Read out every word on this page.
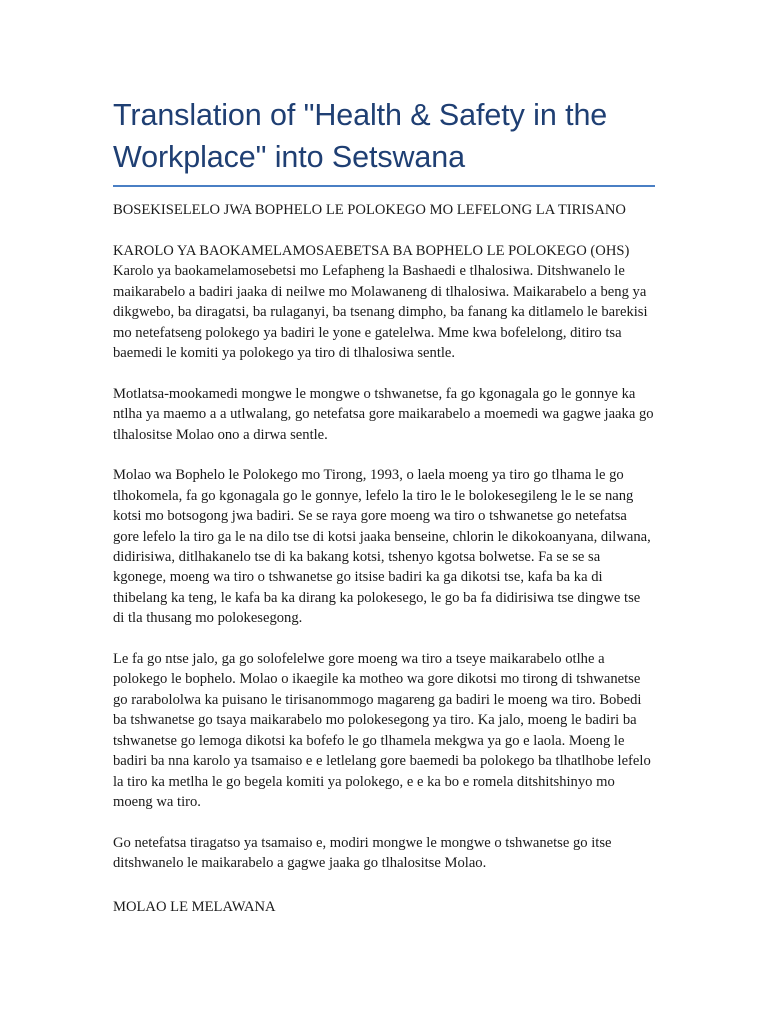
Translation of "Health & Safety in the Workplace" into Setswana
BOSEKISELELO JWA BOPHELO LE POLOKEGO MO LEFELONG LA TIRISANO

KAROLO YA BAOKAMELAMOSAEBETSA BA BOPHELO LE POLOKEGO (OHS)
Karolo ya baokamelamosebetsi mo Lefapheng la Bashaedi e tlhalosiwa. Ditshwanelo le maikarabelo a badiri jaaka di neilwe mo Molawaneng di tlhalosiwa. Maikarabelo a beng ya dikgwebo, ba diragatsi, ba rulaganyi, ba tsenang dimpho, ba fanang ka ditlamelo le barekisi mo netefatseng polokego ya badiri le yone e gatelelwa. Mme kwa bofelelong, ditiro tsa baemedi le komiti ya polokego ya tiro di tlhalosiwa sentle.

Motlatsa-mookamedi mongwe le mongwe o tshwanetse, fa go kgonagala go le gonnye ka ntlha ya maemo a a utlwalang, go netefatsa gore maikarabelo a moemedi wa gagwe jaaka go tlhalositse Molao ono a dirwa sentle.

Molao wa Bophelo le Polokego mo Tirong, 1993, o laela moeng ya tiro go tlhama le go tlhokomela, fa go kgonagala go le gonnye, lefelo la tiro le le bolokesegileng le le se nang kotsi mo botsogong jwa badiri. Se se raya gore moeng wa tiro o tshwanetse go netefatsa gore lefelo la tiro ga le na dilo tse di kotsi jaaka benseine, chlorin le dikokoanyana, dilwana, didirisiwa, ditlhakanelo tse di ka bakang kotsi, tshenyo kgotsa bolwetse. Fa se se sa kgonege, moeng wa tiro o tshwanetse go itsise badiri ka ga dikotsi tse, kafa ba ka di thibelang ka teng, le kafa ba ka dirang ka polokesego, le go ba fa didirisiwa tse dingwe tse di tla thusang mo polokesegong.

Le fa go ntse jalo, ga go solofelelwe gore moeng wa tiro a tseye maikarabelo otlhe a polokego le bophelo. Molao o ikaegile ka motheo wa gore dikotsi mo tirong di tshwanetse go rarabololwa ka puisano le tirisanommogo magareng ga badiri le moeng wa tiro. Bobedi ba tshwanetse go tsaya maikarabelo mo polokesegong ya tiro. Ka jalo, moeng le badiri ba tshwanetse go lemoga dikotsi ka bofefo le go tlhamela mekgwa ya go e laola. Moeng le badiri ba nna karolo ya tsamaiso e e letlelang gore baemedi ba polokego ba tlhatlhobe lefelo la tiro ka metlha le go begela komiti ya polokego, e e ka bo e romela ditshitshinyo mo moeng wa tiro.

Go netefatsa tiragatso ya tsamaiso e, modiri mongwe le mongwe o tshwanetse go itse ditshwanelo le maikarabelo a gagwe jaaka go tlhalositse Molao.

MOLAO LE MELAWANA
